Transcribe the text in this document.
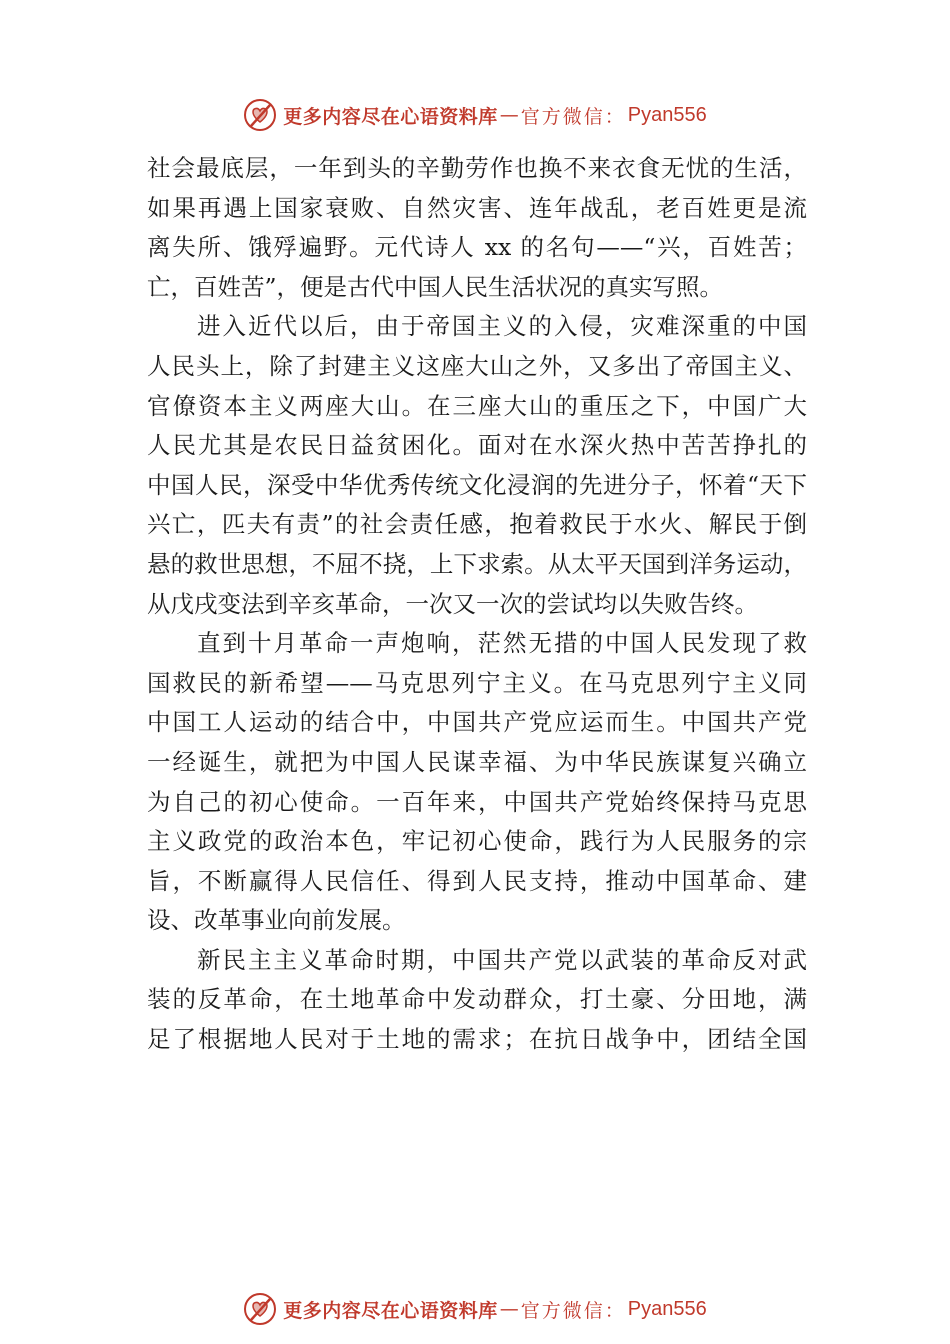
更多内容尽在心语资料库 — 官方微信： Pyan556
社会最底层，一年到头的辛勤劳作也换不来衣食无忧的生活，
如果再遇上国家衰败、自然灾害、连年战乱，老百姓更是流
离失所、饿殍遍野。元代诗人 xx 的名句——“兴，百姓苦；
亡，百姓苦”，便是古代中国人民生活状况的真实写照。
进入近代以后，由于帝国主义的入侵，灾难深重的中国
人民头上，除了封建主义这座大山之外，又多出了帝国主义、
官僚资本主义两座大山。在三座大山的重压之下，中国广大
人民尤其是农民日益贫困化。面对在水深火热中苦苦挣扎的
中国人民，深受中华优秀传统文化浸润的先进分子，怀着“天下
兴亡，匹夫有责”的社会责任感，抱着救民于水火、解民于倒
悬的救世思想，不屈不挠，上下求索。从太平天国到洋务运动，
从戊戌变法到辛亥革命，一次又一次的尝试均以失败告终。
直到十月革命一声炮响，茫然无措的中国人民发现了救
国救民的新希望——马克思列宁主义。在马克思列宁主义同
中国工人运动的结合中，中国共产党应运而生。中国共产党
一经诞生，就把为中国人民谋幸福、为中华民族谋复兴确立
为自己的初心使命。一百年来，中国共产党始终保持马克思
主义政党的政治本色，牢记初心使命，践行为人民服务的宗
旨，不断赢得人民信任、得到人民支持，推动中国革命、建
设、改革事业向前发展。
新民主主义革命时期，中国共产党以武装的革命反对武
装的反革命，在土地革命中发动群众，打土豪、分田地，满
足了根据地人民对于土地的需求；在抗日战争中，团结全国
更多内容尽在心语资料库 — 官方微信： Pyan556
